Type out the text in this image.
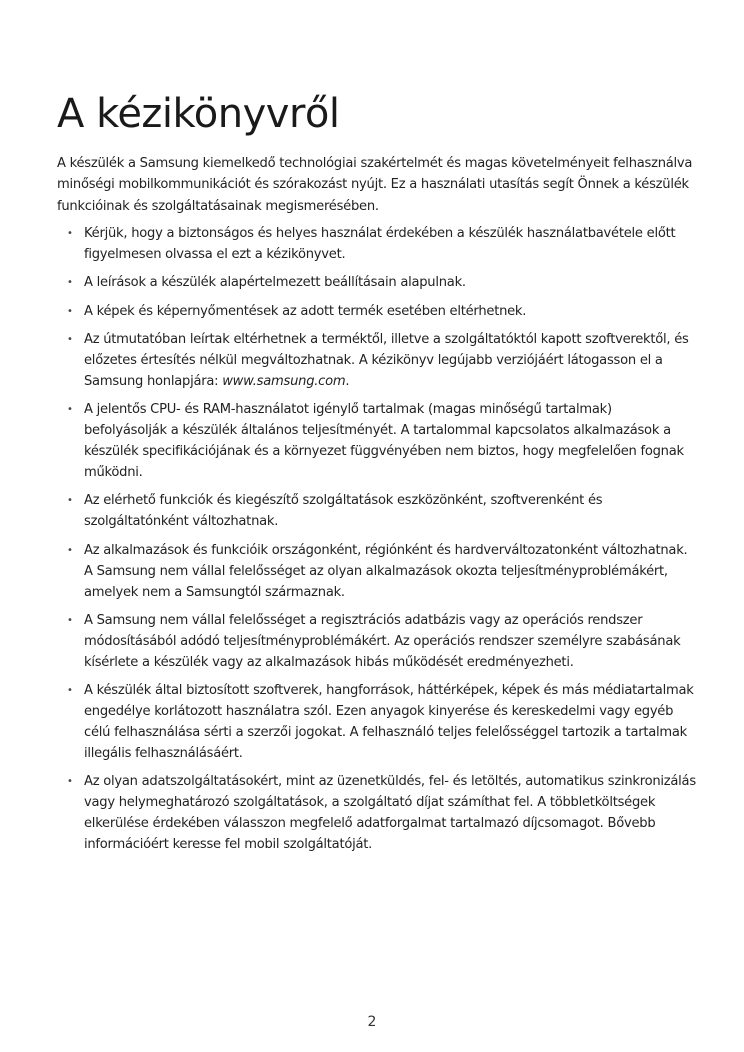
A kézikönyvről

A készülék a Samsung kiemelkedő technológiai szakértelmét és magas követelményeit felhasználva minőségi mobilkommunikációt és szórakozást nyújt. Ez a használati utasítás segít Önnek a készülék funkcióinak és szolgáltatásainak megismerésében.

• Kérjük, hogy a biztonságos és helyes használat érdekében a készülék használatbavétele előtt figyelmesen olvassa el ezt a kézikönyvet.
• A leírások a készülék alapértelmezett beállításain alapulnak.
• A képek és képernyőmentések az adott termék esetében eltérhetnek.
• Az útmutatóban leírtak eltérhetnek a terméktől, illetve a szolgáltatóktól kapott szoftverektől, és előzetes értesítés nélkül megváltozhatnak. A kézikönyv legújabb verziójáért látogasson el a Samsung honlapjára: www.samsung.com.
• A jelentős CPU- és RAM-használatot igénylő tartalmak (magas minőségű tartalmak) befolyásolják a készülék általános teljesítményét. A tartalommal kapcsolatos alkalmazások a készülék specifikációjának és a környezet függvényében nem biztos, hogy megfelelően fognak működni.
• Az elérhető funkciók és kiegészítő szolgáltatások eszközönként, szoftverenként és szolgáltatónként változhatnak.
• Az alkalmazások és funkcióik országonként, régiónként és hardverváltozatonként változhatnak. A Samsung nem vállal felelősséget az olyan alkalmazások okozta teljesítményproblémákért, amelyek nem a Samsungtól származnak.
• A Samsung nem vállal felelősséget a regisztrációs adatbázis vagy az operációs rendszer módosításából adódó teljesítményproblémákért. Az operációs rendszer személyre szabásának kísérlete a készülék vagy az alkalmazások hibás működését eredményezheti.
• A készülék által biztosított szoftverek, hangforrások, háttérképek, képek és más médiatartalmak engedélye korlátozott használatra szól. Ezen anyagok kinyerése és kereskedelmi vagy egyéb célú felhasználása sérti a szerzői jogokat. A felhasználó teljes felelősséggel tartozik a tartalmak illegális felhasználásáért.
• Az olyan adatszolgáltatásokért, mint az üzenetküldés, fel- és letöltés, automatikus szinkronizálás vagy helymeghatározó szolgáltatások, a szolgáltató díjat számíthat fel. A többletköltségek elkerülése érdekében válasszon megfelelő adatforgalmat tartalmazó díjcsomagot. Bővebb információért keresse fel mobil szolgáltatóját.
2
